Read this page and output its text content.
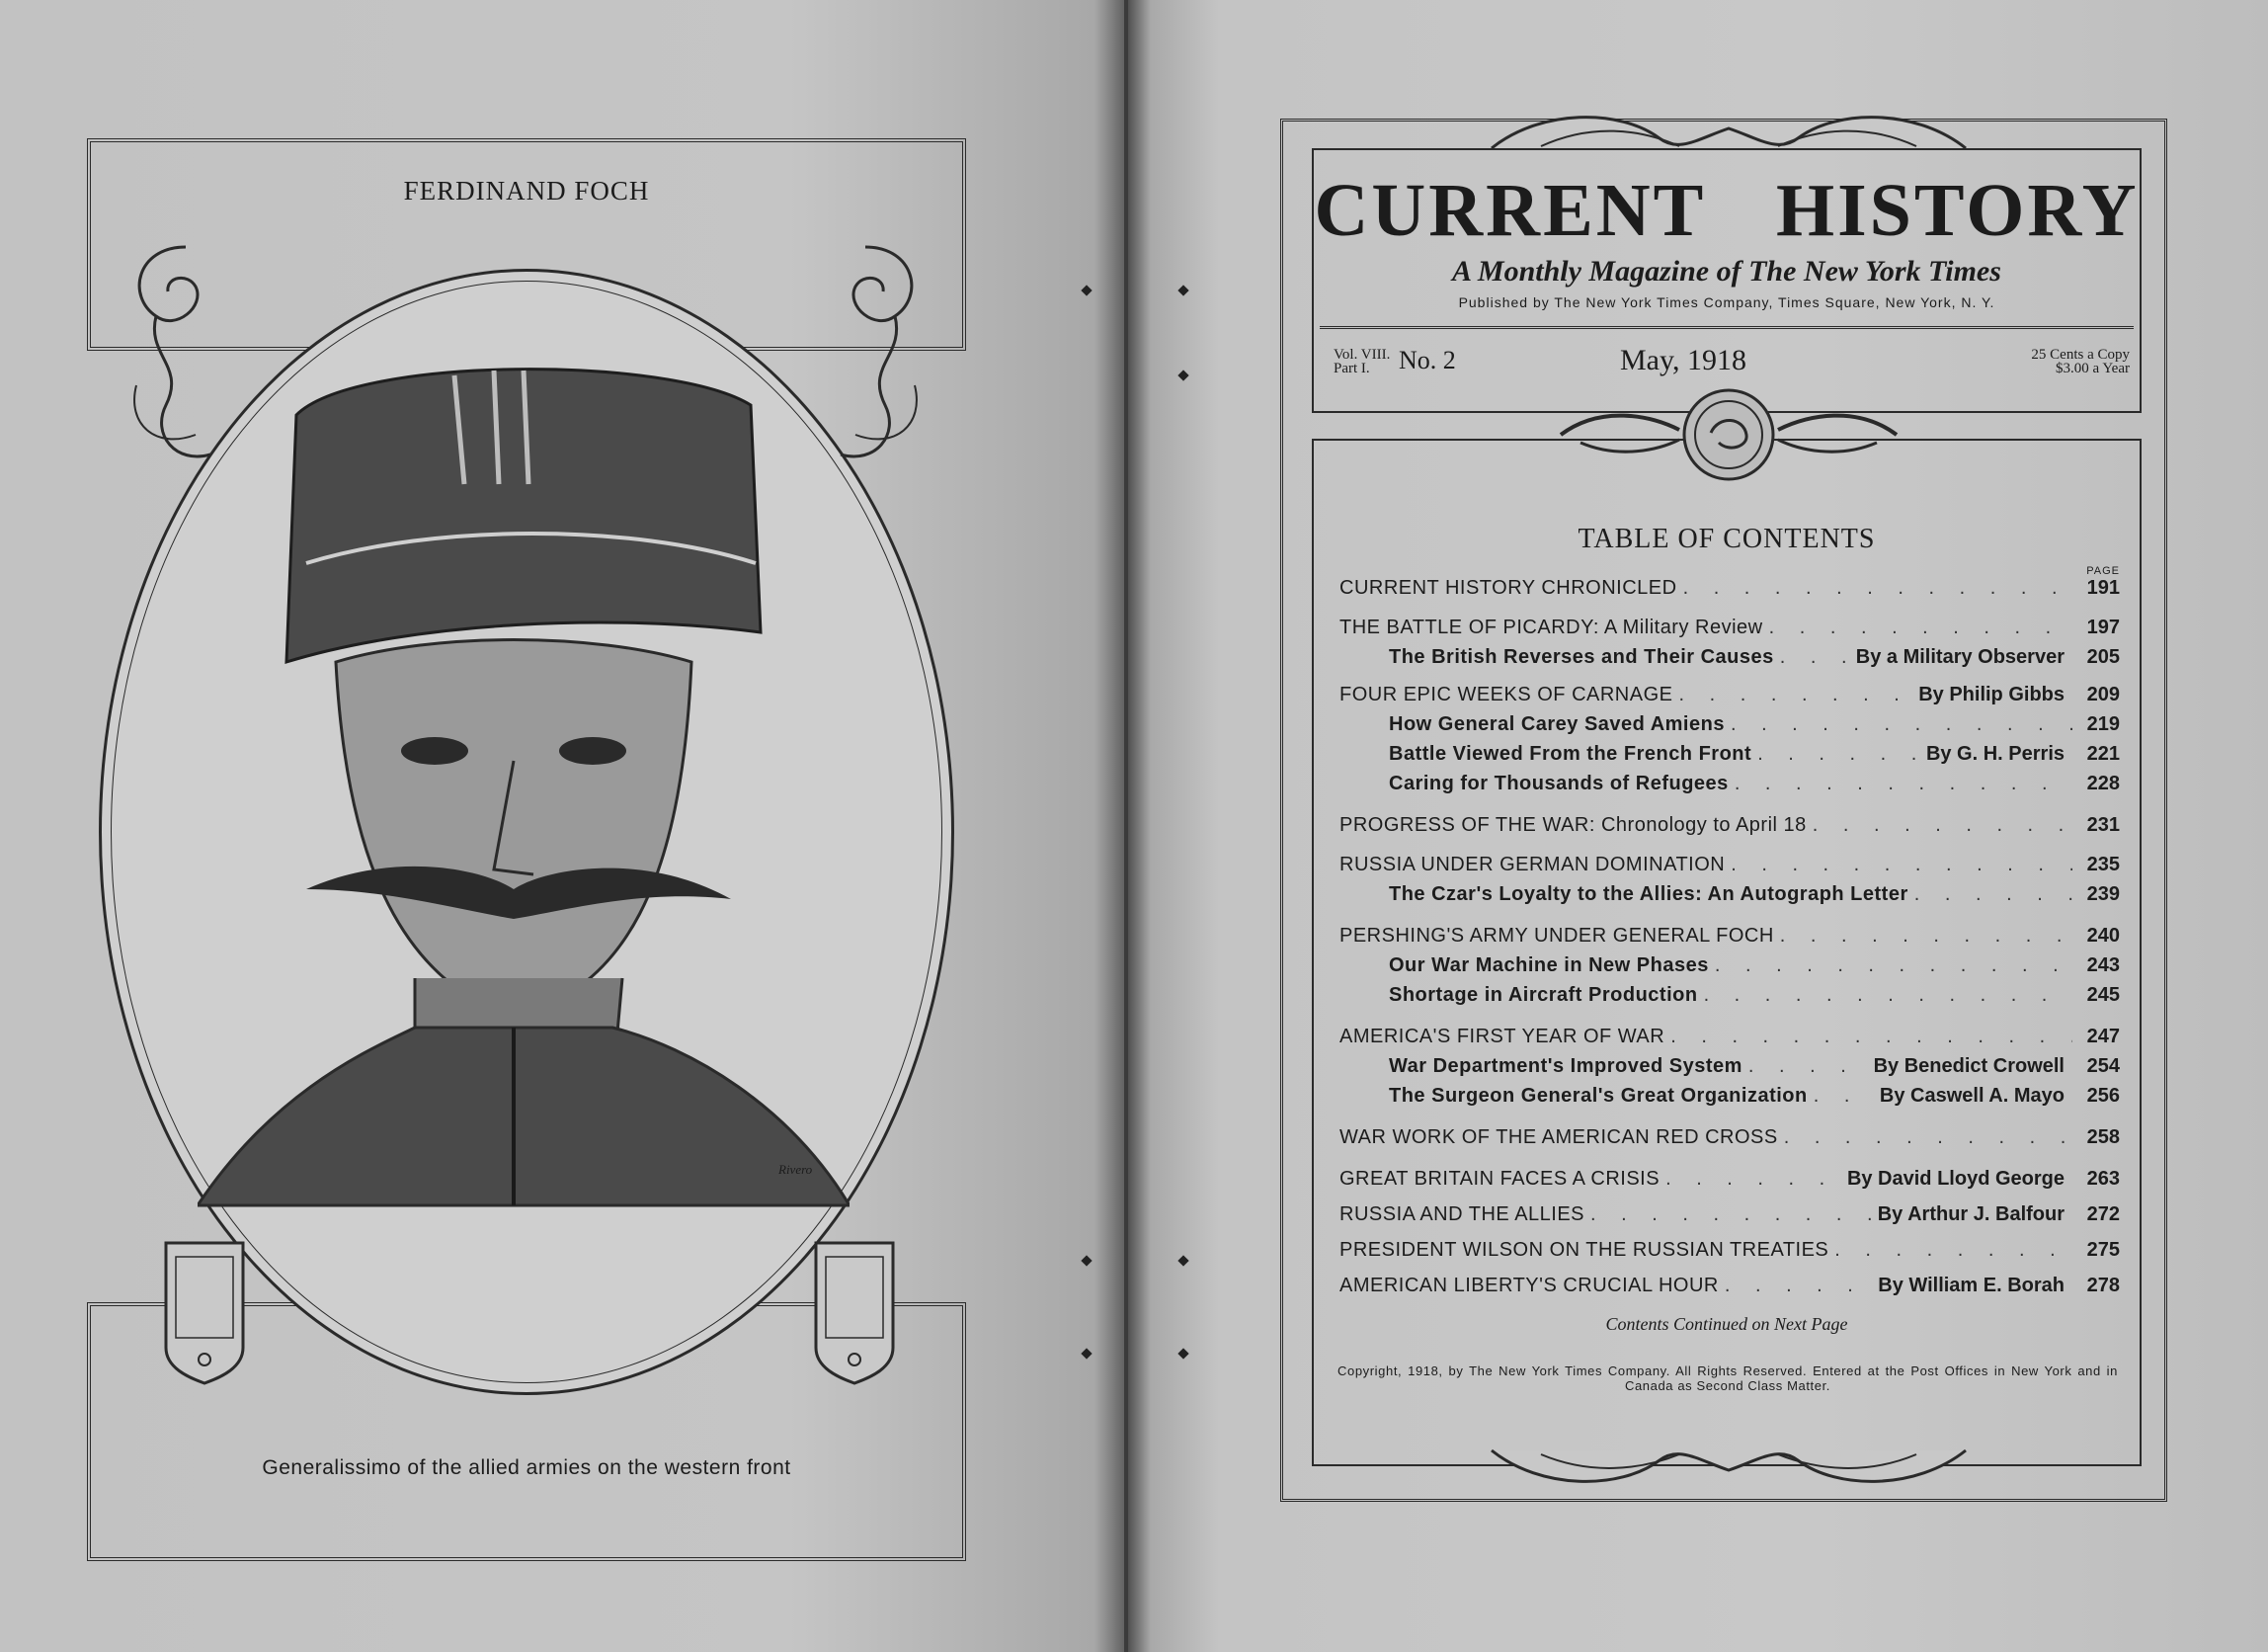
FERDINAND FOCH
Rivero
Generalissimo of the allied armies on the western front
CURRENT HISTORY
A Monthly Magazine of The New York Times
Published by The New York Times Company, Times Square, New York, N. Y.
Vol. VIII.
Part I.	No. 2	May, 1918	25 Cents a Copy
$3.00 a Year
TABLE OF CONTENTS
PAGE
CURRENT HISTORY CHRONICLED . . .	191
THE BATTLE OF PICARDY: A Military Review . . .	197
The British Reverses and Their Causes . . .	By a Military Observer	205
FOUR EPIC WEEKS OF CARNAGE . . .	By Philip Gibbs	209
How General Carey Saved Amiens . . .	219
Battle Viewed From the French Front . . .	By G. H. Perris	221
Caring for Thousands of Refugees . . .	228
PROGRESS OF THE WAR: Chronology to April 18 . . .	231
RUSSIA UNDER GERMAN DOMINATION . . .	235
The Czar's Loyalty to the Allies: An Autograph Letter . . .	239
PERSHING'S ARMY UNDER GENERAL FOCH . . .	240
Our War Machine in New Phases . . .	243
Shortage in Aircraft Production . . .	245
AMERICA'S FIRST YEAR OF WAR . . .	247
War Department's Improved System . . .	By Benedict Crowell	254
The Surgeon General's Great Organization . . .	By Caswell A. Mayo	256
WAR WORK OF THE AMERICAN RED CROSS . . .	258
GREAT BRITAIN FACES A CRISIS . . .	By David Lloyd George	263
RUSSIA AND THE ALLIES . . .	By Arthur J. Balfour	272
PRESIDENT WILSON ON THE RUSSIAN TREATIES . . .	275
AMERICAN LIBERTY'S CRUCIAL HOUR . . .	By William E. Borah	278
Contents Continued on Next Page
Copyright, 1918, by The New York Times Company. All Rights Reserved. Entered at the Post Offices in New York and in Canada as Second Class Matter.
